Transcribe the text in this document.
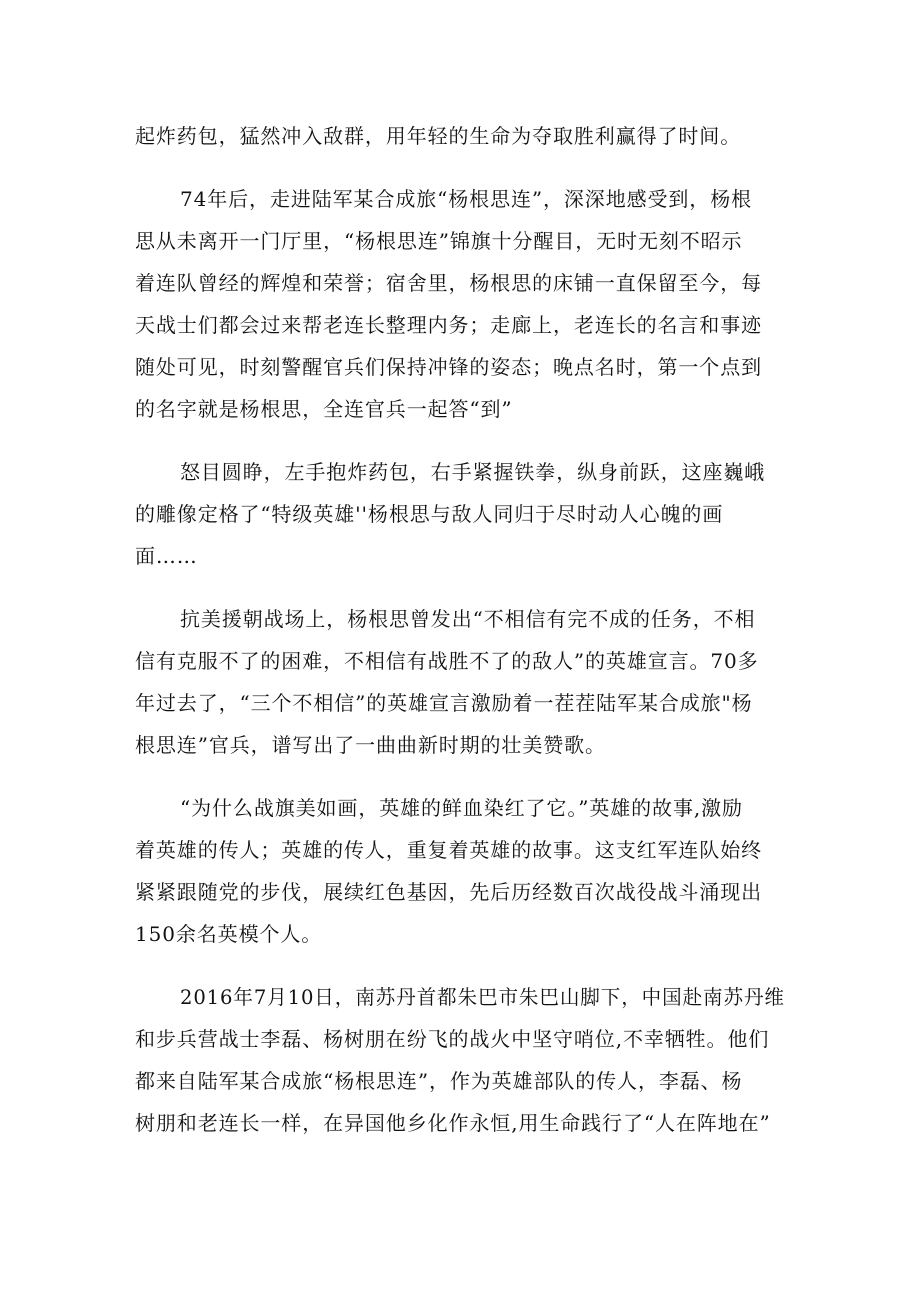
起炸药包，猛然冲入敌群，用年轻的生命为夺取胜利赢得了时间。

74年后，走进陆军某合成旅“杨根思连”，深深地感受到，杨根

思从未离开一门厅里，“杨根思连”锦旗十分醒目，无时无刻不昭示

着连队曾经的辉煌和荣誉；宿舍里，杨根思的床铺一直保留至今，每

天战士们都会过来帮老连长整理内务；走廊上，老连长的名言和事迹

随处可见，时刻警醒官兵们保持冲锋的姿态；晚点名时，第一个点到

的名字就是杨根思，全连官兵一起答“到”

怒目圆睁，左手抱炸药包，右手紧握铁拳，纵身前跃，这座巍峨

的雕像定格了“特级英雄''杨根思与敌人同归于尽时动人心魄的画

面……

抗美援朝战场上，杨根思曾发出“不相信有完不成的任务，不相

信有克服不了的困难，不相信有战胜不了的敌人”的英雄宣言。70多

年过去了，“三个不相信”的英雄宣言激励着一茬茬陆军某合成旅"杨

根思连”官兵，谱写出了一曲曲新时期的壮美赞歌。

“为什么战旗美如画，英雄的鲜血染红了它。”英雄的故事,激励

着英雄的传人；英雄的传人，重复着英雄的故事。这支红军连队始终

紧紧跟随党的步伐，展续红色基因，先后历经数百次战役战斗涌现出

150余名英模个人。

2016年7月10日，南苏丹首都朱巴市朱巴山脚下，中国赴南苏丹维

和步兵营战士李磊、杨树朋在纷飞的战火中坚守哨位,不幸牺牲。他们

都来自陆军某合成旅“杨根思连”，作为英雄部队的传人，李磊、杨

树朋和老连长一样，在异国他乡化作永恒,用生命践行了“人在阵地在”
